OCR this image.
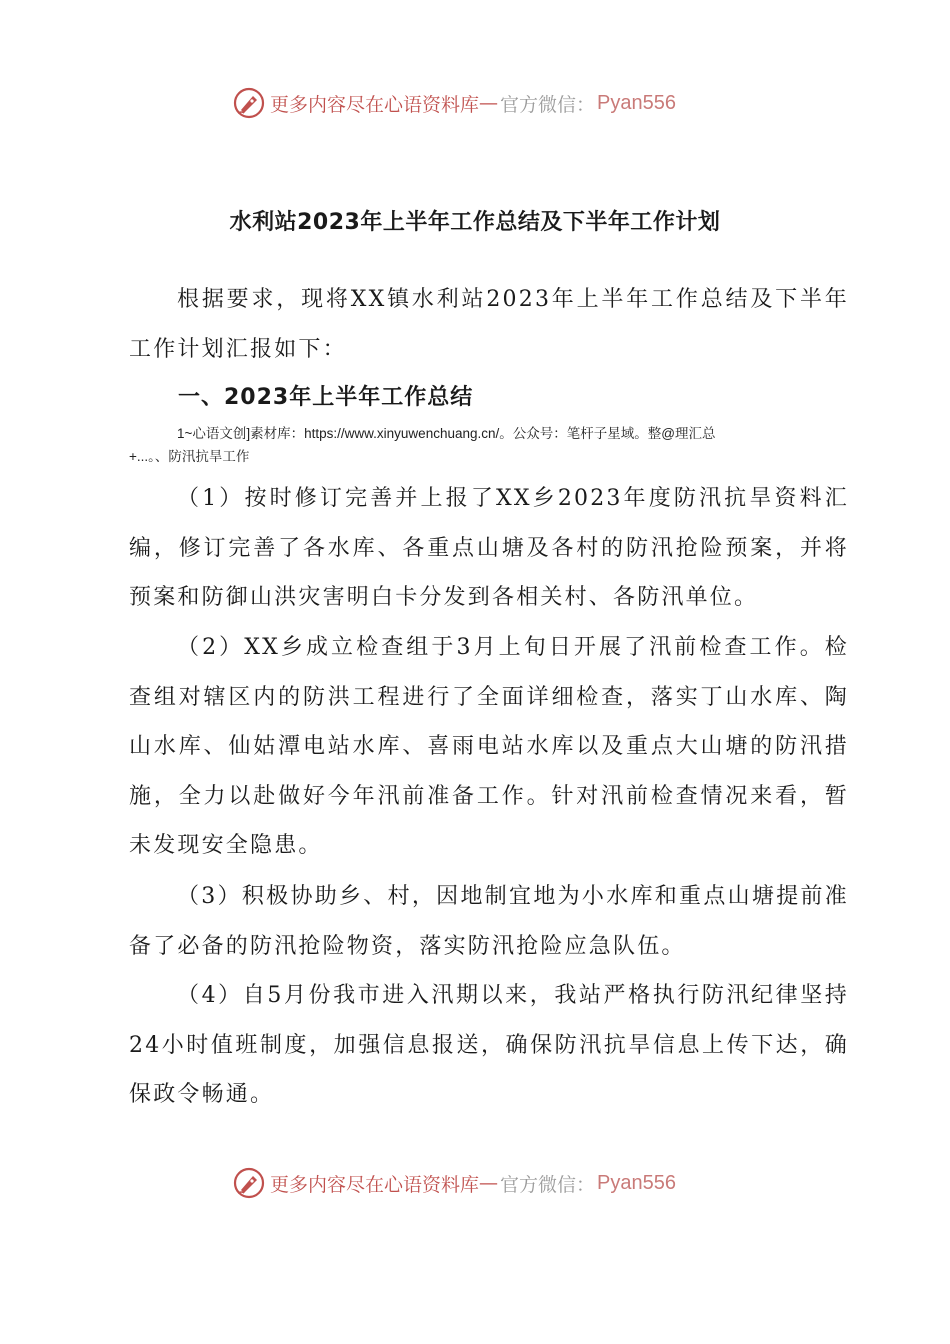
更多内容尽在心语资料库 — 官方微信： Pyan556
水利站2023年上半年工作总结及下半年工作计划
根据要求，现将XX镇水利站2023年上半年工作总结及下半年工作计划汇报如下：
一、2023年上半年工作总结
1~心语文创]素材库：https://www.xinyuwenchuang.cn/。公众号：笔杆子星域。整@理汇总
+...。、防汛抗旱工作
（1）按时修订完善并上报了XX乡2023年度防汛抗旱资料汇编，修订完善了各水库、各重点山塘及各村的防汛抢险预案，并将预案和防御山洪灾害明白卡分发到各相关村、各防汛单位。
（2）XX乡成立检查组于3月上旬日开展了汛前检查工作。检查组对辖区内的防洪工程进行了全面详细检查，落实丁山水库、陶山水库、仙姑潭电站水库、喜雨电站水库以及重点大山塘的防汛措施，全力以赴做好今年汛前准备工作。针对汛前检查情况来看，暂未发现安全隐患。
（3）积极协助乡、村，因地制宜地为小水库和重点山塘提前准备了必备的防汛抢险物资，落实防汛抢险应急队伍。
（4）自5月份我市进入汛期以来，我站严格执行防汛纪律坚持24小时值班制度，加强信息报送，确保防汛抗旱信息上传下达，确保政令畅通。
更多内容尽在心语资料库 — 官方微信： Pyan556
